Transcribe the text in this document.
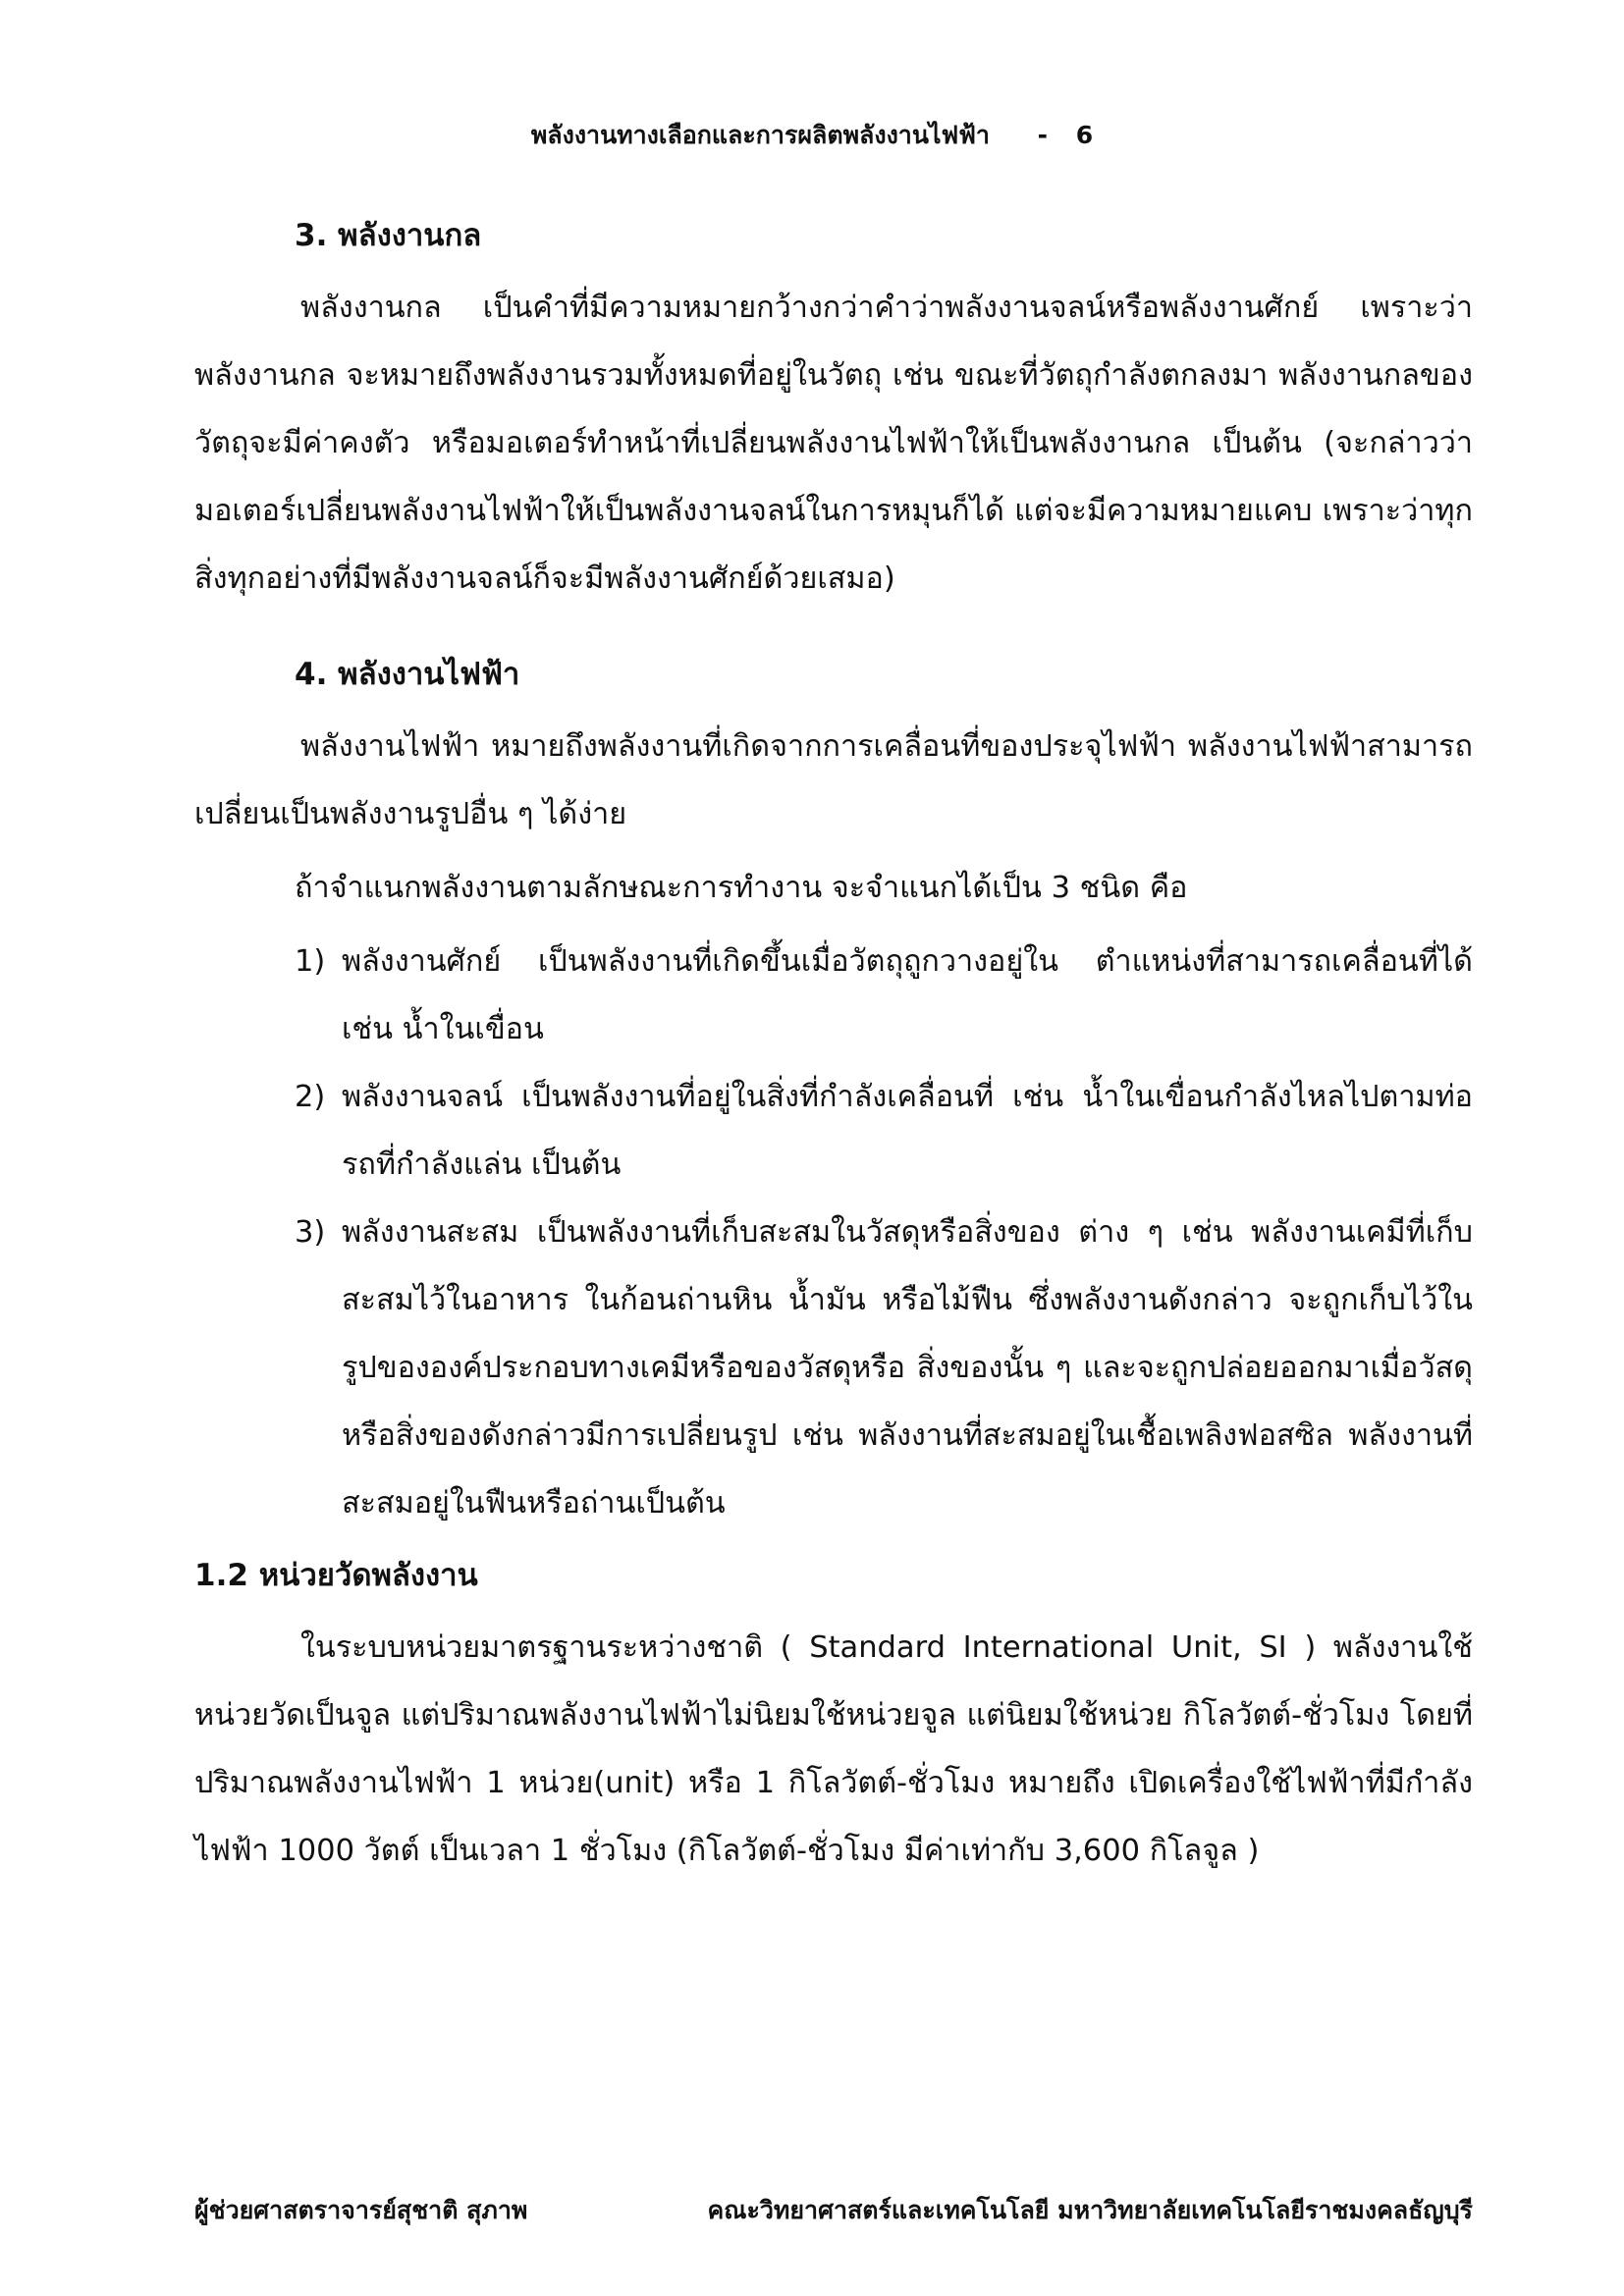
พลังงานทางเลือกและการผลิตพลังงานไฟฟ้า - 6
3. พลังงานกล

พลังงานกล เป็นคำที่มีความหมายกว้างกว่าคำว่าพลังงานจลน์หรือพลังงานศักย์ เพราะว่าพลังงานกล จะหมายถึงพลังงานรวมทั้งหมดที่อยู่ในวัตถุ เช่น ขณะที่วัตถุกำลังตกลงมา พลังงานกลของวัตถุจะมีค่าคงตัว หรือมอเตอร์ทำหน้าที่เปลี่ยนพลังงานไฟฟ้าให้เป็นพลังงานกล เป็นต้น (จะกล่าวว่ามอเตอร์เปลี่ยนพลังงานไฟฟ้าให้เป็นพลังงานจลน์ในการหมุนก็ได้ แต่จะมีความหมายแคบ เพราะว่าทุกสิ่งทุกอย่างที่มีพลังงานจลน์ก็จะมีพลังงานศักย์ด้วยเสมอ)

4. พลังงานไฟฟ้า

พลังงานไฟฟ้า หมายถึงพลังงานที่เกิดจากการเคลื่อนที่ของประจุไฟฟ้า พลังงานไฟฟ้าสามารถเปลี่ยนเป็นพลังงานรูปอื่น ๆ ได้ง่าย

ถ้าจำแนกพลังงานตามลักษณะการทำงาน จะจำแนกได้เป็น 3 ชนิด คือ

1) พลังงานศักย์ เป็นพลังงานที่เกิดขึ้นเมื่อวัตถุถูกวางอยู่ใน ตำแหน่งที่สามารถเคลื่อนที่ได้ เช่น น้ำในเขื่อน
2) พลังงานจลน์ เป็นพลังงานที่อยู่ในสิ่งที่กำลังเคลื่อนที่ เช่น น้ำในเขื่อนกำลังไหลไปตามท่อ รถที่กำลังแล่น เป็นต้น
3) พลังงานสะสม เป็นพลังงานที่เก็บสะสมในวัสดุหรือสิ่งของ ต่าง ๆ เช่น พลังงานเคมีที่เก็บสะสมไว้ในอาหาร ในก้อนถ่านหิน น้ำมัน หรือไม้ฟืน ซึ่งพลังงานดังกล่าว จะถูกเก็บไว้ในรูปขององค์ประกอบทางเคมีหรือของวัสดุหรือ สิ่งของนั้น ๆ และจะถูกปล่อยออกมาเมื่อวัสดุหรือสิ่งของดังกล่าวมีการเปลี่ยนรูป เช่น พลังงานที่สะสมอยู่ในเชื้อเพลิงฟอสซิล พลังงานที่สะสมอยู่ในฟืนหรือถ่านเป็นต้น
1.2 หน่วยวัดพลังงาน

ในระบบหน่วยมาตรฐานระหว่างชาติ ( Standard International Unit, SI ) พลังงานใช้หน่วยวัดเป็นจูล แต่ปริมาณพลังงานไฟฟ้าไม่นิยมใช้หน่วยจูล แต่นิยมใช้หน่วย กิโลวัตต์-ชั่วโมง โดยที่ปริมาณพลังงานไฟฟ้า 1 หน่วย(unit) หรือ 1 กิโลวัตต์-ชั่วโมง หมายถึง เปิดเครื่องใช้ไฟฟ้าที่มีกำลังไฟฟ้า 1000 วัตต์ เป็นเวลา 1 ชั่วโมง (กิโลวัตต์-ชั่วโมง มีค่าเท่ากับ 3,600 กิโลจูล )

ผู้ช่วยศาสตราจารย์สุชาติ สุภาพ	คณะวิทยาศาสตร์และเทคโนโลยี มหาวิทยาลัยเทคโนโลยีราชมงคลธัญบุรี
